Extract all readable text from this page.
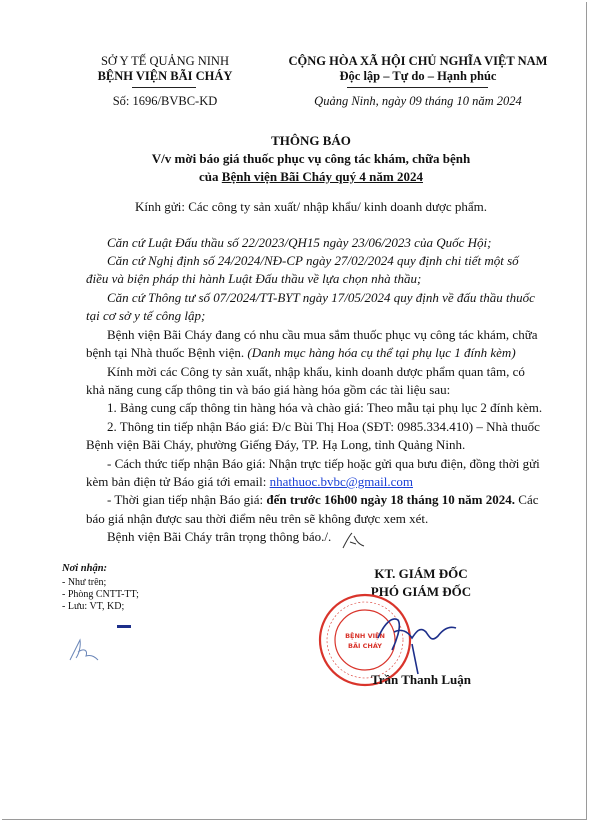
SỞ Y TẾ QUẢNG NINH
BỆNH VIỆN BÃI CHÁY
Số: 1696/BVBC-KD
CỘNG HÒA XÃ HỘI CHỦ NGHĨA VIỆT NAM
Độc lập – Tự do – Hạnh phúc
Quảng Ninh, ngày 09 tháng 10 năm 2024
THÔNG BÁO
V/v mời báo giá thuốc phục vụ công tác khám, chữa bệnh
của Bệnh viện Bãi Cháy quý 4 năm 2024
Kính gửi: Các công ty sản xuất/ nhập khẩu/ kinh doanh dược phẩm.
Căn cứ Luật Đấu thầu số 22/2023/QH15 ngày 23/06/2023 của Quốc Hội;
Căn cứ Nghị định số 24/2024/NĐ-CP ngày 27/02/2024 quy định chi tiết một số
điều và biện pháp thi hành Luật Đấu thầu về lựa chọn nhà thầu;
Căn cứ Thông tư số 07/2024/TT-BYT ngày 17/05/2024 quy định về đấu thầu thuốc
tại cơ sở y tế công lập;
Bệnh viện Bãi Cháy đang có nhu cầu mua sắm thuốc phục vụ công tác khám, chữa
bệnh tại Nhà thuốc Bệnh viện. (Danh mục hàng hóa cụ thể tại phụ lục 1 đính kèm)
Kính mời các Công ty sản xuất, nhập khẩu, kinh doanh dược phẩm quan tâm, có
khả năng cung cấp thông tin và báo giá hàng hóa gồm các tài liệu sau:
1. Bảng cung cấp thông tin hàng hóa và chào giá: Theo mẫu tại phụ lục 2 đính kèm.
2. Thông tin tiếp nhận Báo giá: Đ/c Bùi Thị Hoa (SĐT: 0985.334.410) – Nhà thuốc
Bệnh viện Bãi Cháy, phường Giếng Đáy, TP. Hạ Long, tỉnh Quảng Ninh.
- Cách thức tiếp nhận Báo giá: Nhận trực tiếp hoặc gửi qua bưu điện, đồng thời gửi
kèm bản điện tử Báo giá tới email: nhathuoc.bvbc@gmail.com
- Thời gian tiếp nhận Báo giá: đến trước 16h00 ngày 18 tháng 10 năm 2024. Các
báo giá nhận được sau thời điểm nêu trên sẽ không được xem xét.
Bệnh viện Bãi Cháy trân trọng thông báo./.
Nơi nhận:
- Như trên;
- Phòng CNTT-TT;
- Lưu: VT, KD;
KT. GIÁM ĐỐC
PHÓ GIÁM ĐỐC
BỆNH VIỆN
BÃI CHÁY
Trần Thanh Luận
